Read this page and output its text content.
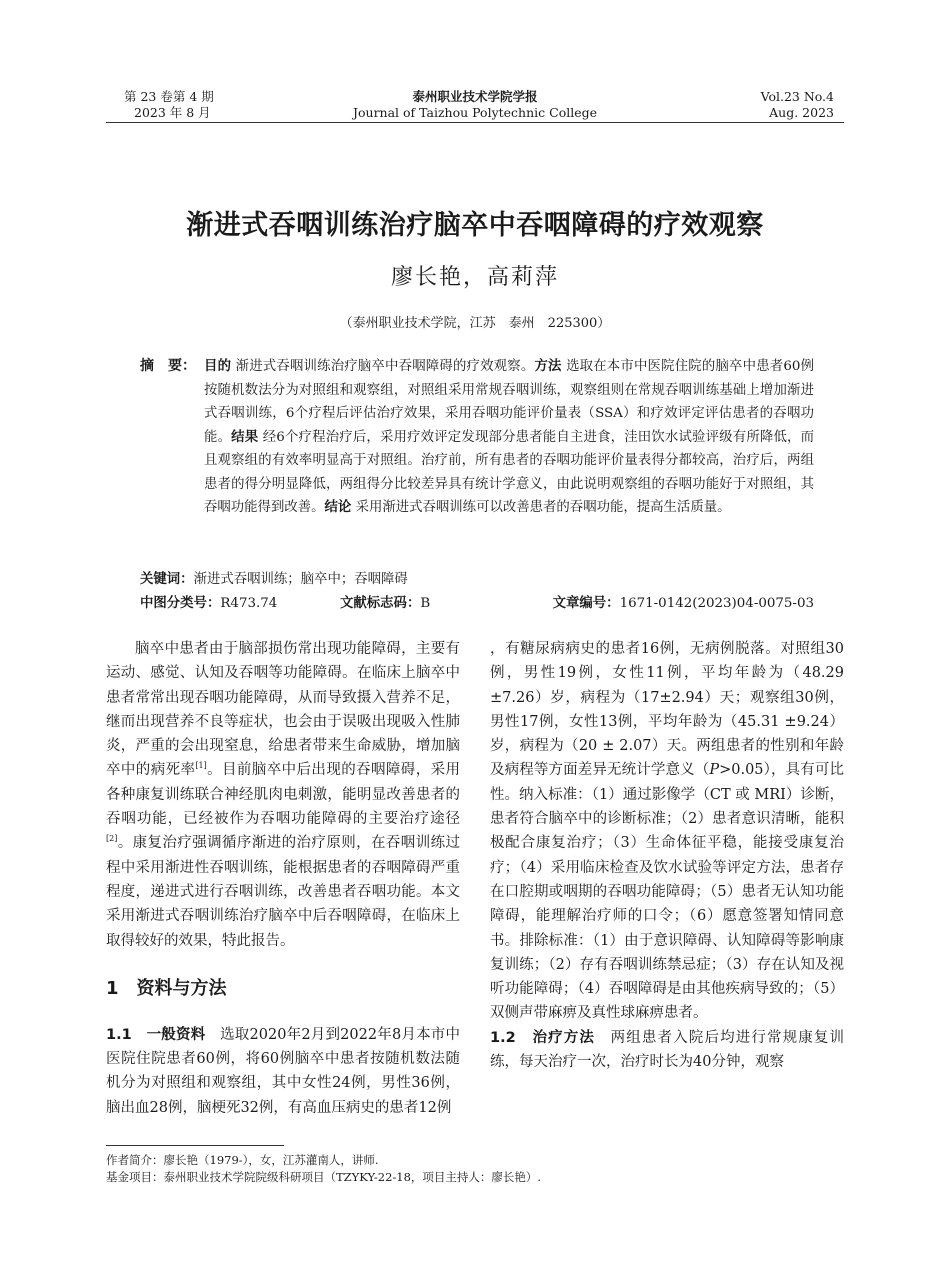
第 23 卷第 4 期
2023 年 8 月
泰州职业技术学院学报
Journal of Taizhou Polytechnic College
Vol.23 No.4
Aug. 2023
渐进式吞咽训练治疗脑卒中吞咽障碍的疗效观察
廖长艳，高莉萍
（泰州职业技术学院，江苏　泰州　225300）
摘　要： 目的 渐进式吞咽训练治疗脑卒中吞咽障碍的疗效观察。方法 选取在本市中医院住院的脑卒中患者60例按随机数法分为对照组和观察组，对照组采用常规吞咽训练，观察组则在常规吞咽训练基础上增加渐进式吞咽训练，6个疗程后评估治疗效果，采用吞咽功能评价量表（SSA）和疗效评定评估患者的吞咽功能。结果 经6个疗程治疗后，采用疗效评定发现部分患者能自主进食，洼田饮水试验评级有所降低，而且观察组的有效率明显高于对照组。治疗前，所有患者的吞咽功能评价量表得分都较高，治疗后，两组患者的得分明显降低，两组得分比较差异具有统计学意义，由此说明观察组的吞咽功能好于对照组，其吞咽功能得到改善。结论 采用渐进式吞咽训练可以改善患者的吞咽功能，提高生活质量。
关键词：渐进式吞咽训练；脑卒中；吞咽障碍
中图分类号：R473.74	文献标志码：B	文章编号：1671-0142(2023)04-0075-03

脑卒中患者由于脑部损伤常出现功能障碍，主要有运动、感觉、认知及吞咽等功能障碍。在临床上脑卒中患者常常出现吞咽功能障碍，从而导致摄入营养不足，继而出现营养不良等症状，也会由于误吸出现吸入性肺炎，严重的会出现窒息，给患者带来生命威胁，增加脑卒中的病死率[1]。目前脑卒中后出现的吞咽障碍，采用各种康复训练联合神经肌肉电刺激，能明显改善患者的吞咽功能，已经被作为吞咽功能障碍的主要治疗途径[2]。康复治疗强调循序渐进的治疗原则，在吞咽训练过程中采用渐进性吞咽训练，能根据患者的吞咽障碍严重程度，递进式进行吞咽训练，改善患者吞咽功能。本文采用渐进式吞咽训练治疗脑卒中后吞咽障碍，在临床上取得较好的效果，特此报告。

1　资料与方法

1.1　一般资料　 选取2020年2月到2022年8月本市中医院住院患者60例，将60例脑卒中患者按随机数法随机分为对照组和观察组，其中女性24例，男性36例，脑出血28例，脑梗死32例，有高血压病史的患者12例

，有糖尿病病史的患者16例，无病例脱落。对照组30例，男性19例，女性11例，平均年龄为（48.29 ±7.26）岁，病程为（17±2.94）天；观察组30例，男性17例，女性13例，平均年龄为（45.31 ±9.24）岁，病程为（20 ± 2.07）天。两组患者的性别和年龄及病程等方面差异无统计学意义（P>0.05），具有可比性。纳入标准：（1）通过影像学（CT 或 MRI）诊断，患者符合脑卒中的诊断标准；（2）患者意识清晰，能积极配合康复治疗；（3）生命体征平稳，能接受康复治疗；（4）采用临床检查及饮水试验等评定方法，患者存在口腔期或咽期的吞咽功能障碍；（5）患者无认知功能障碍，能理解治疗师的口令；（6）愿意签署知情同意书。排除标准：（1）由于意识障碍、认知障碍等影响康复训练；（2）存有吞咽训练禁忌症；（3）存在认知及视听功能障碍；（4）吞咽障碍是由其他疾病导致的；（5）双侧声带麻痹及真性球麻痹患者。

1.2　治疗方法　 两组患者入院后均进行常规康复训练，每天治疗一次，治疗时长为40分钟，观察

作者简介：廖长艳（1979-），女，江苏灌南人，讲师.
基金项目：泰州职业技术学院院级科研项目（TZYKY-22-18，项目主持人：廖长艳）.
